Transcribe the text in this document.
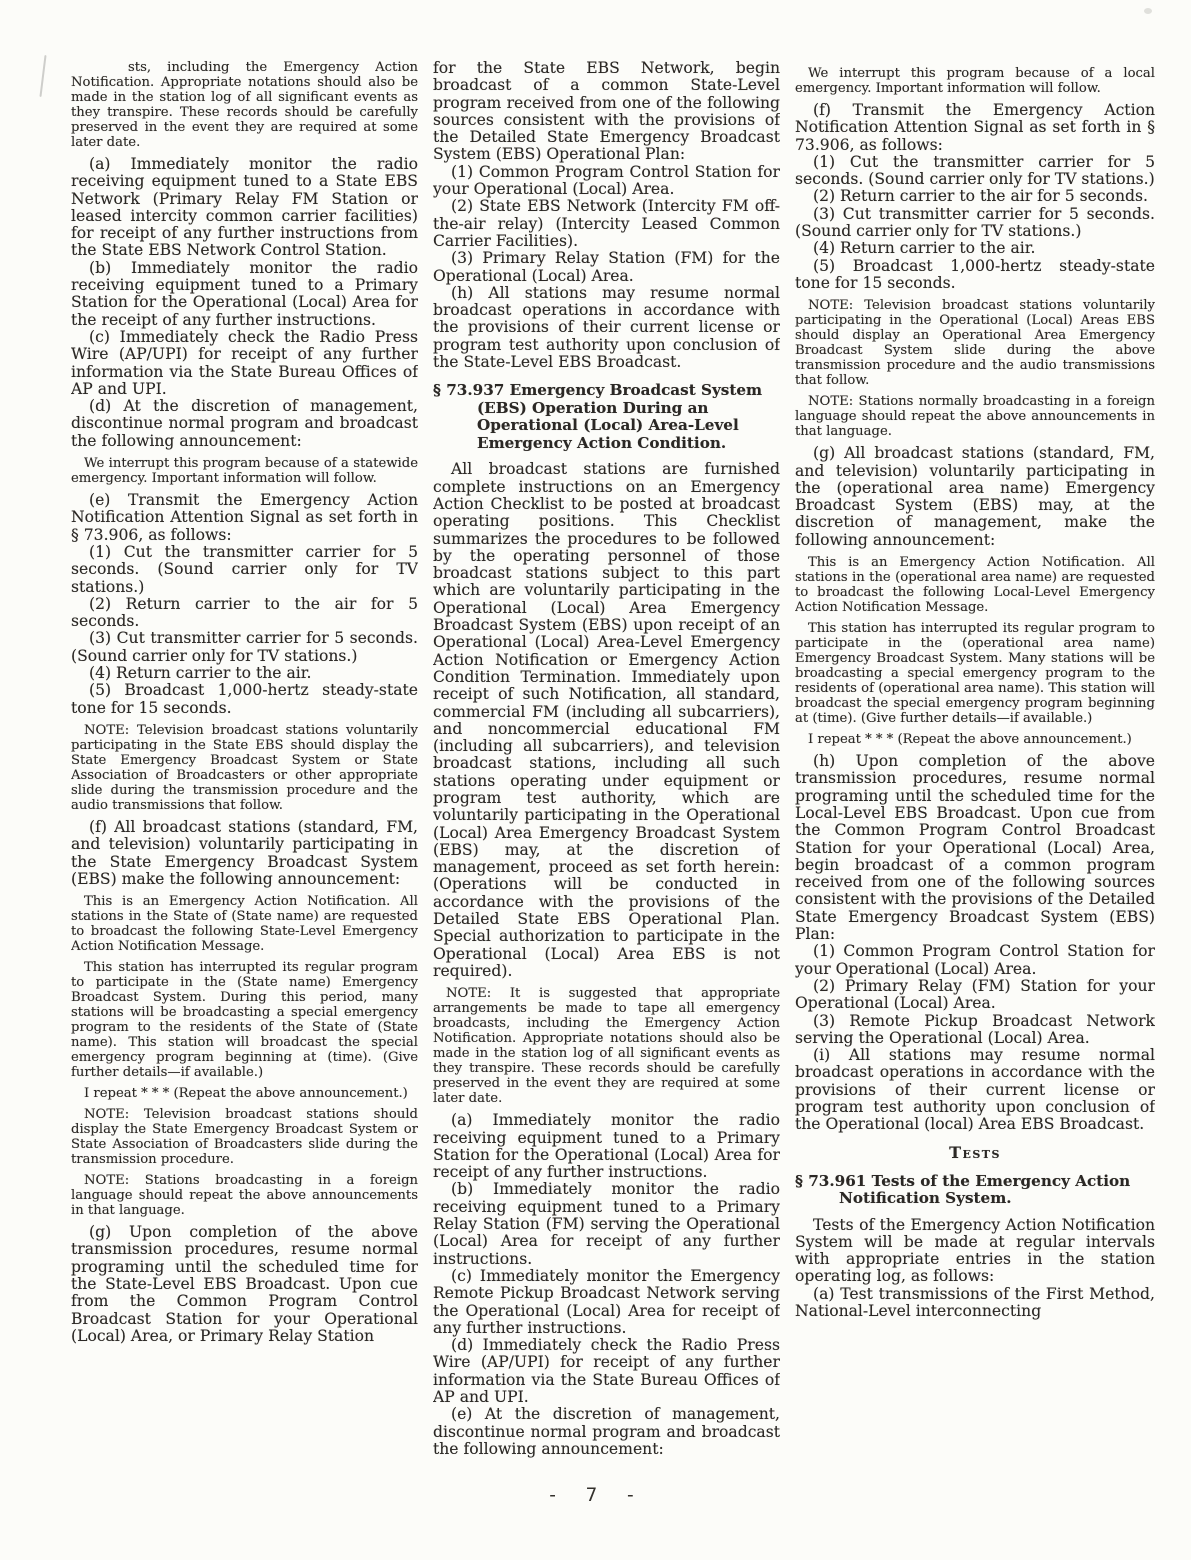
sts, including the Emergency Action Notification. Appropriate notations should also be made in the station log of all significant events as they transpire. These records should be carefully preserved in the event they are required at some later date.

(a) Immediately monitor the radio receiving equipment tuned to a State EBS Network (Primary Relay FM Station or leased intercity common carrier facilities) for receipt of any further instructions from the State EBS Network Control Station.

(b) Immediately monitor the radio receiving equipment tuned to a Primary Station for the Operational (Local) Area for the receipt of any further instructions.

(c) Immediately check the Radio Press Wire (AP/UPI) for receipt of any further information via the State Bureau Offices of AP and UPI.

(d) At the discretion of management, discontinue normal program and broadcast the following announcement:

We interrupt this program because of a statewide emergency. Important information will follow.

(e) Transmit the Emergency Action Notification Attention Signal as set forth in § 73.906, as follows:

(1) Cut the transmitter carrier for 5 seconds. (Sound carrier only for TV stations.)

(2) Return carrier to the air for 5 seconds.

(3) Cut transmitter carrier for 5 seconds. (Sound carrier only for TV stations.)

(4) Return carrier to the air.

(5) Broadcast 1,000-hertz steady-state tone for 15 seconds.

NOTE: Television broadcast stations voluntarily participating in the State EBS should display the State Emergency Broadcast System or State Association of Broadcasters or other appropriate slide during the transmission procedure and the audio transmissions that follow.

(f) All broadcast stations (standard, FM, and television) voluntarily participating in the State Emergency Broadcast System (EBS) make the following announcement:

This is an Emergency Action Notification. All stations in the State of (State name) are requested to broadcast the following State-Level Emergency Action Notification Message.

This station has interrupted its regular program to participate in the (State name) Emergency Broadcast System. During this period, many stations will be broadcasting a special emergency program to the residents of the State of (State name). This station will broadcast the special emergency program beginning at (time). (Give further details—if available.)

I repeat * * * (Repeat the above announcement.)

NOTE: Television broadcast stations should display the State Emergency Broadcast System or State Association of Broadcasters slide during the transmission procedure.

NOTE: Stations broadcasting in a foreign language should repeat the above announcements in that language.

(g) Upon completion of the above transmission procedures, resume normal programing until the scheduled time for the State-Level EBS Broadcast. Upon cue from the Common Program Control Broadcast Station for your Operational (Local) Area, or Primary Relay Station

for the State EBS Network, begin broadcast of a common State-Level program received from one of the following sources consistent with the provisions of the Detailed State Emergency Broadcast System (EBS) Operational Plan:

(1) Common Program Control Station for your Operational (Local) Area.

(2) State EBS Network (Intercity FM off-the-air relay) (Intercity Leased Common Carrier Facilities).

(3) Primary Relay Station (FM) for the Operational (Local) Area.

(h) All stations may resume normal broadcast operations in accordance with the provisions of their current license or program test authority upon conclusion of the State-Level EBS Broadcast.

§ 73.937 Emergency Broadcast System (EBS) Operation During an Operational (Local) Area-Level Emergency Action Condition.

All broadcast stations are furnished complete instructions on an Emergency Action Checklist to be posted at broadcast operating positions. This Checklist summarizes the procedures to be followed by the operating personnel of those broadcast stations subject to this part which are voluntarily participating in the Operational (Local) Area Emergency Broadcast System (EBS) upon receipt of an Operational (Local) Area-Level Emergency Action Notification or Emergency Action Condition Termination. Immediately upon receipt of such Notification, all standard, commercial FM (including all subcarriers), and noncommercial educational FM (including all subcarriers), and television broadcast stations, including all such stations operating under equipment or program test authority, which are voluntarily participating in the Operational (Local) Area Emergency Broadcast System (EBS) may, at the discretion of management, proceed as set forth herein: (Operations will be conducted in accordance with the provisions of the Detailed State EBS Operational Plan. Special authorization to participate in the Operational (Local) Area EBS is not required).

NOTE: It is suggested that appropriate arrangements be made to tape all emergency broadcasts, including the Emergency Action Notification. Appropriate notations should also be made in the station log of all significant events as they transpire. These records should be carefully preserved in the event they are required at some later date.

(a) Immediately monitor the radio receiving equipment tuned to a Primary Station for the Operational (Local) Area for receipt of any further instructions.

(b) Immediately monitor the radio receiving equipment tuned to a Primary Relay Station (FM) serving the Operational (Local) Area for receipt of any further instructions.

(c) Immediately monitor the Emergency Remote Pickup Broadcast Network serving the Operational (Local) Area for receipt of any further instructions.

(d) Immediately check the Radio Press Wire (AP/UPI) for receipt of any further information via the State Bureau Offices of AP and UPI.

(e) At the discretion of management, discontinue normal program and broadcast the following announcement:

We interrupt this program because of a local emergency. Important information will follow.

(f) Transmit the Emergency Action Notification Attention Signal as set forth in § 73.906, as follows:

(1) Cut the transmitter carrier for 5 seconds. (Sound carrier only for TV stations.)

(2) Return carrier to the air for 5 seconds.

(3) Cut transmitter carrier for 5 seconds. (Sound carrier only for TV stations.)

(4) Return carrier to the air.

(5) Broadcast 1,000-hertz steady-state tone for 15 seconds.

NOTE: Television broadcast stations voluntarily participating in the Operational (Local) Areas EBS should display an Operational Area Emergency Broadcast System slide during the above transmission procedure and the audio transmissions that follow.

NOTE: Stations normally broadcasting in a foreign language should repeat the above announcements in that language.

(g) All broadcast stations (standard, FM, and television) voluntarily participating in the (operational area name) Emergency Broadcast System (EBS) may, at the discretion of management, make the following announcement:

This is an Emergency Action Notification. All stations in the (operational area name) are requested to broadcast the following Local-Level Emergency Action Notification Message.

This station has interrupted its regular program to participate in the (operational area name) Emergency Broadcast System. Many stations will be broadcasting a special emergency program to the residents of (operational area name). This station will broadcast the special emergency program beginning at (time). (Give further details—if available.)

I repeat * * * (Repeat the above announcement.)

(h) Upon completion of the above transmission procedures, resume normal programing until the scheduled time for the Local-Level EBS Broadcast. Upon cue from the Common Program Control Broadcast Station for your Operational (Local) Area, begin broadcast of a common program received from one of the following sources consistent with the provisions of the Detailed State Emergency Broadcast System (EBS) Plan:

(1) Common Program Control Station for your Operational (Local) Area.

(2) Primary Relay (FM) Station for your Operational (Local) Area.

(3) Remote Pickup Broadcast Network serving the Operational (Local) Area.

(i) All stations may resume normal broadcast operations in accordance with the provisions of their current license or program test authority upon conclusion of the Operational (local) Area EBS Broadcast.

Tests

§ 73.961 Tests of the Emergency Action Notification System.

Tests of the Emergency Action Notification System will be made at regular intervals with appropriate entries in the station operating log, as follows:

(a) Test transmissions of the First Method, National-Level interconnecting

- 7 -
